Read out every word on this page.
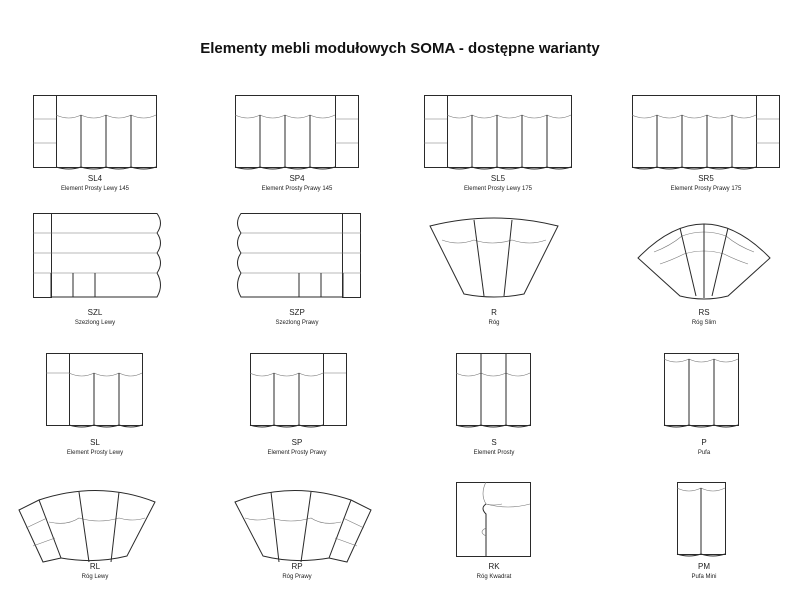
Elementy mebli modułowych SOMA - dostępne warianty
SL4
Element Prosty Lewy 145
SP4
Element Prosty Prawy 145
SL5
Element Prosty Lewy 175
SR5
Element Prosty Prawy 175
SZL
Szezlong Lewy
SZP
Szezlong Prawy
R
Róg
RS
Róg Slim
SL
Element Prosty Lewy
SP
Element Prosty Prawy
S
Element Prosty
P
Pufa
RL
Róg Lewy
RP
Róg Prawy
RK
Róg Kwadrat
PM
Pufa Mini
